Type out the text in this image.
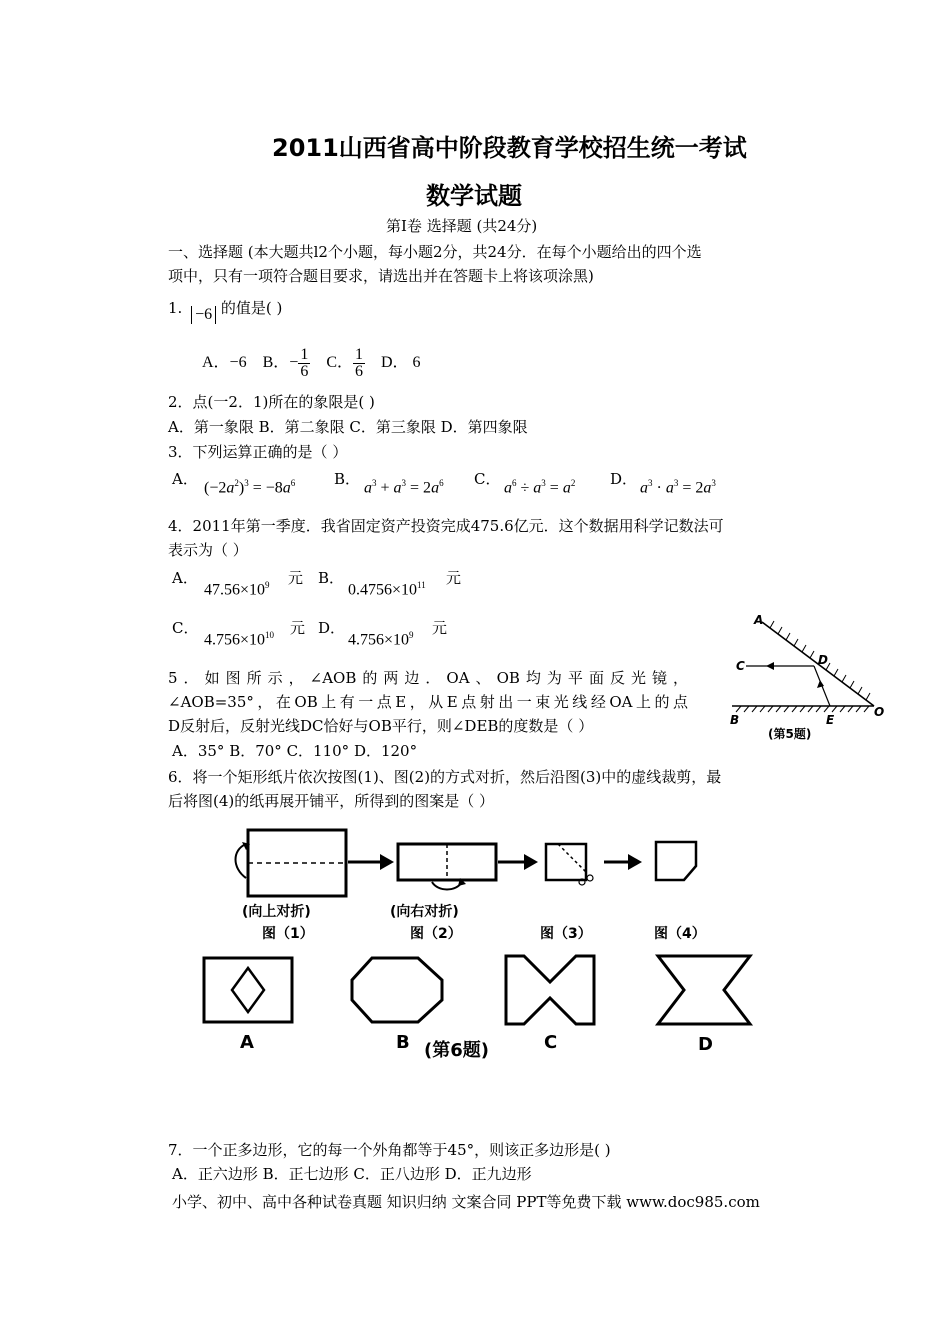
2011山西省高中阶段教育学校招生统一考试
数学试题
第Ⅰ卷 选择题 (共24分)
一、选择题 (本大题共l2个小题，每小题2分，共24分．在每个小题给出的四个选
项中，只有一项符合题目要求，请选出并在答题卡上将该项涂黑)
1. −6 的值是( )
A．−6 B．− $\frac{1}{6}$ C． $\frac{1}{6}$ D． 6
2．点(一2．1)所在的象限是( )
A．第一象限 B．第二象限 C．第三象限 D．第四象限
3．下列运算正确的是（ ）
A． $(-2a^2)^3 = -8a^6$	B． $a^3 + a^3 = 2a^6$ C． $a^6 \div a^3 = a^2$ D． $a^3 \cdot a^3 = 2a^3$
4．2011年第一季度．我省固定资产投资完成475.6亿元．这个数据用科学记数法可
表示为（ ）
A．
$47.56\times 10^9$ 元 B．
$0.4756\times 10^{11}$ 元
C．
$4.756\times 10^{10}$ 元 D．
$4.756\times 10^9$ 元	A
C	D
B	E
O
(第5题)
5．如图所示，∠AOB的两边．OA、OB均为平面反光镜，
∠AOB=35°，在OB上有一点E，从E点射出一束光线经OA上的点
D反射后，反射光线DC恰好与OB平行，则∠DEB的度数是（ ）
A．35° B．70° C．110° D．120°
6．将一个矩形纸片依次按图(1)、图(2)的方式对折，然后沿图(3)中的虚线裁剪，最
后将图(4)的纸再展开铺平，所得到的图案是（ ）
(向上对折)
图（1）
(向右对折)
图（2）	图（3）	图（4）
A	B	C	D
(第6题)
7．一个正多边形，它的每一个外角都等于45°，则该正多边形是( )
A．正六边形 B．正七边形 C．正八边形 D．正九边形
小学、初中、高中各种试卷真题 知识归纳 文案合同 PPT等免费下载 www.doc985.com
